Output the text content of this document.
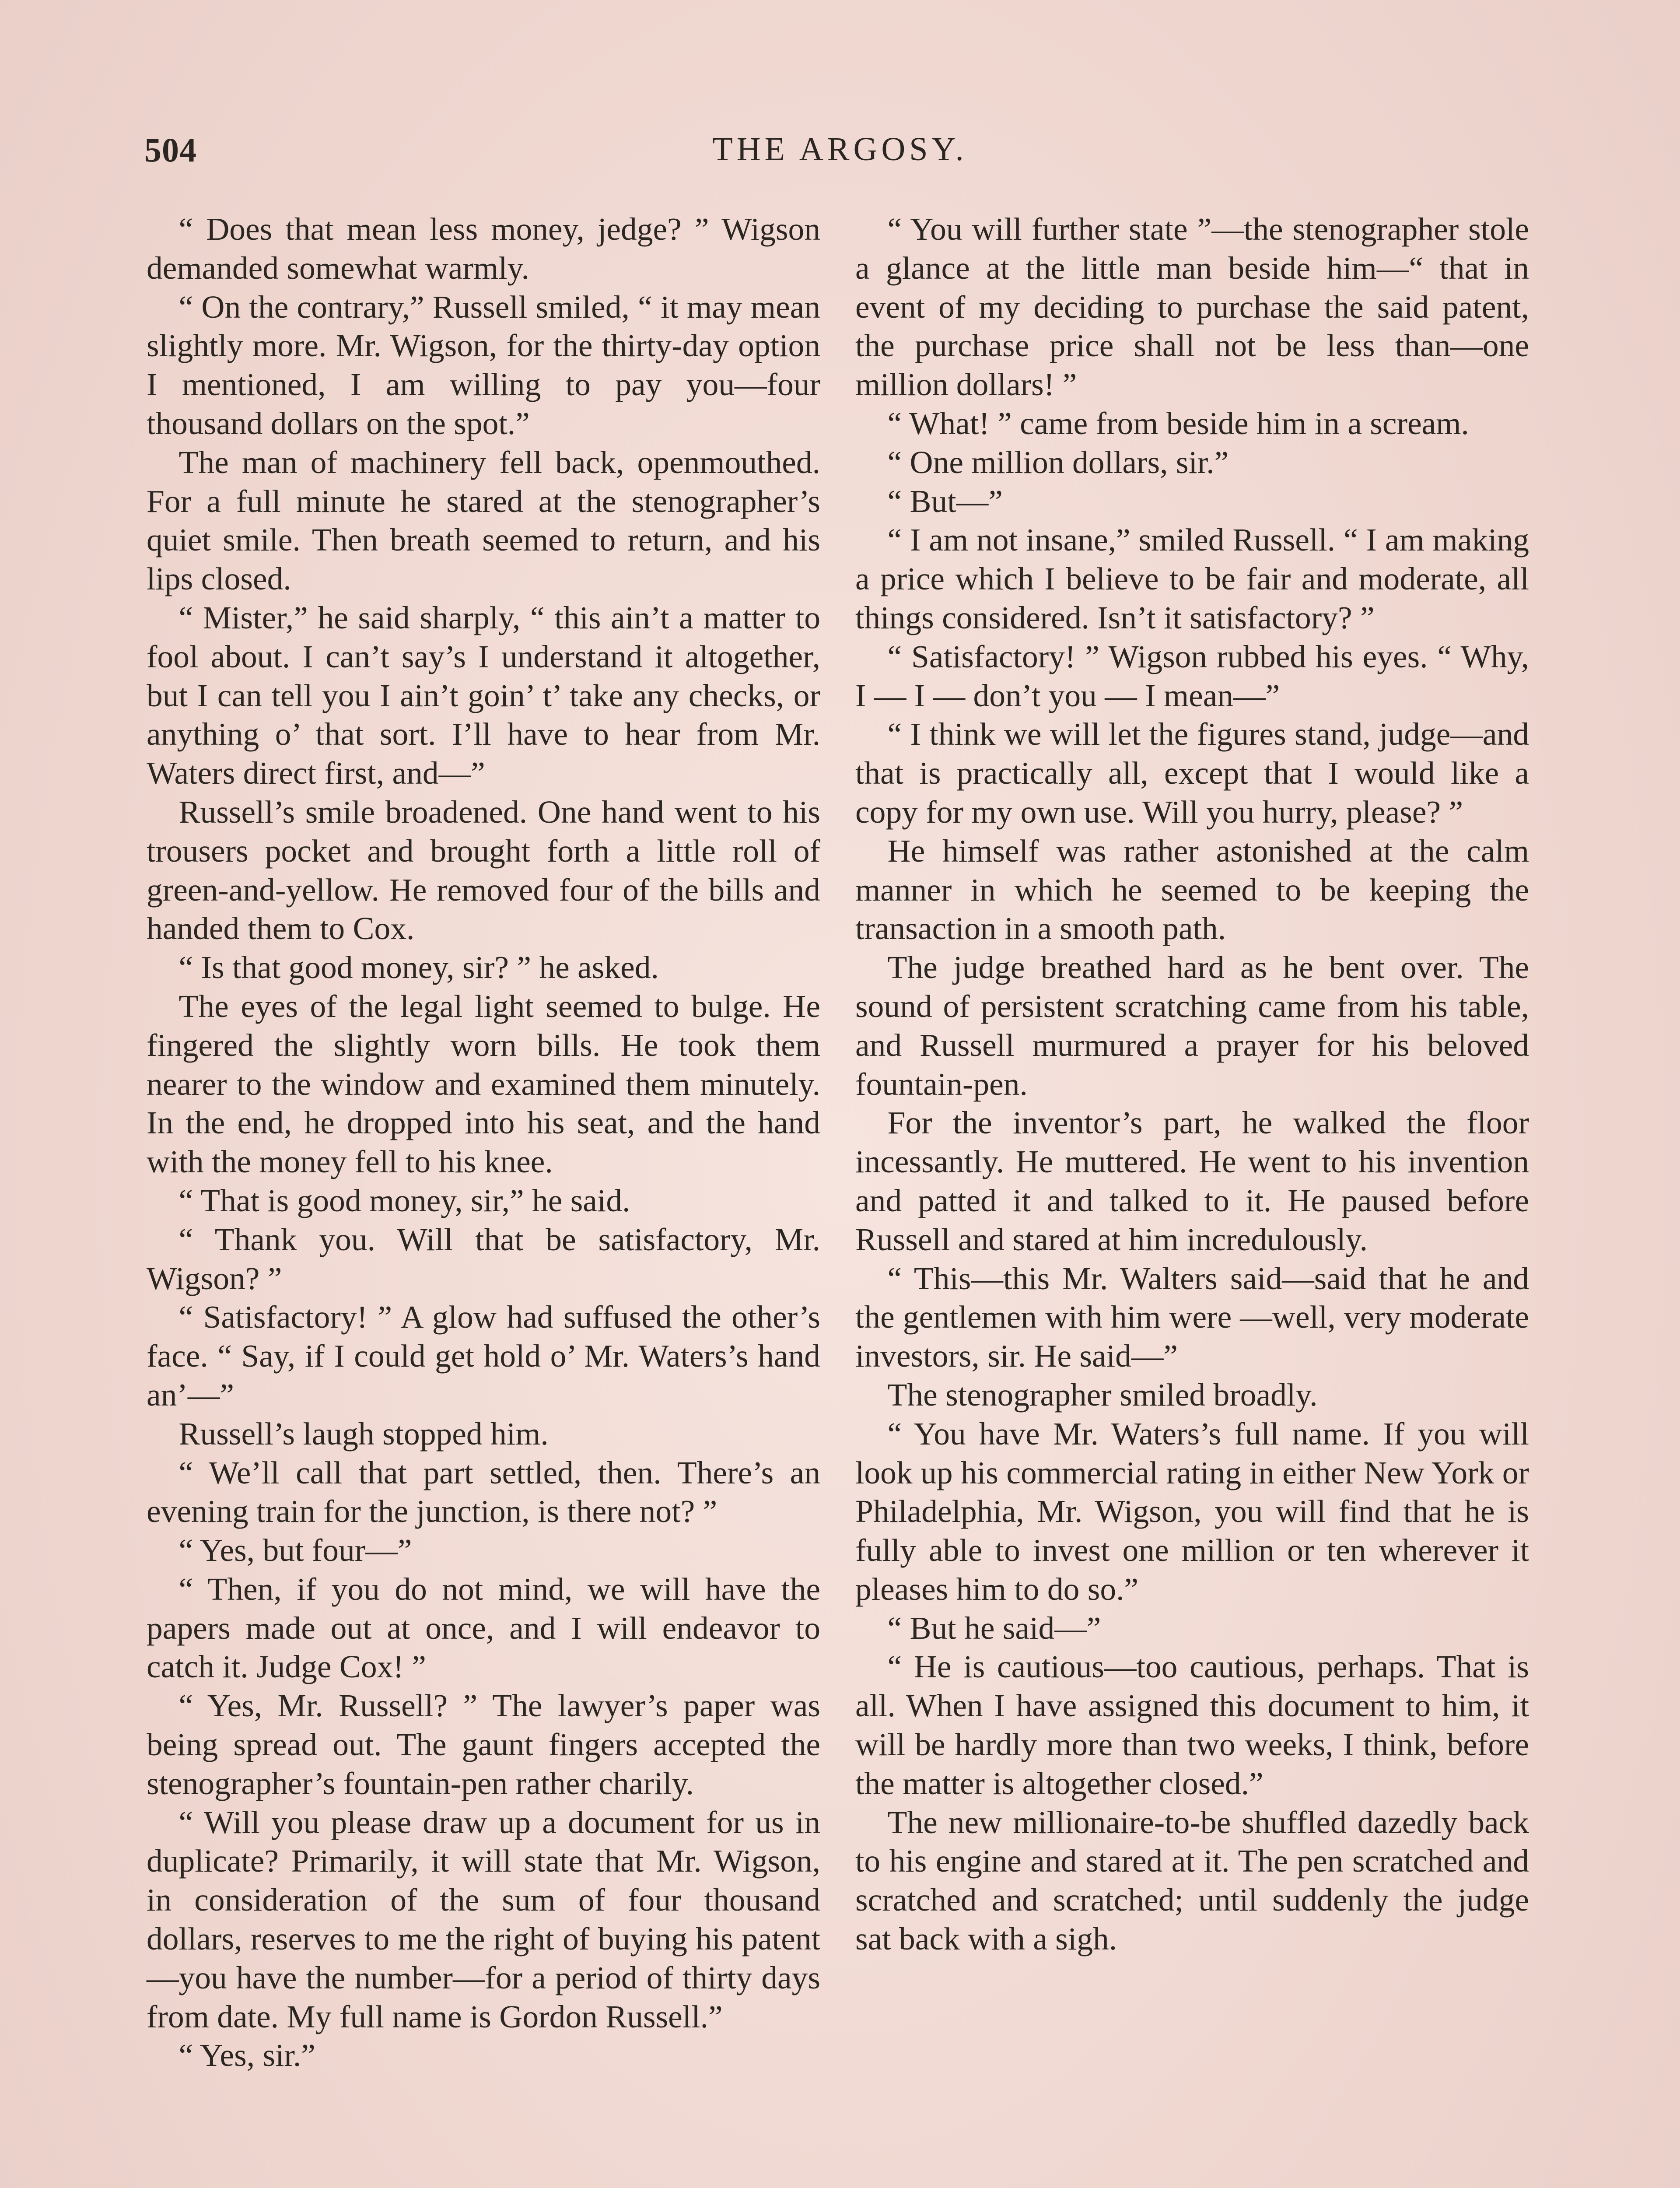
504	THE ARGOSY.

“ Does that mean less money, jedge? ” Wigson demanded somewhat warmly.

“ On the contrary,” Russell smiled, “ it may mean slightly more. Mr. Wigson, for the thirty-day option I mentioned, I am willing to pay you—four thousand dollars on the spot.”

The man of machinery fell back, openmouthed. For a full minute he stared at the stenographer’s quiet smile. Then breath seemed to return, and his lips closed.

“ Mister,” he said sharply, “ this ain’t a matter to fool about. I can’t say’s I understand it altogether, but I can tell you I ain’t goin’ t’ take any checks, or anything o’ that sort. I’ll have to hear from Mr. Waters direct first, and—”

Russell’s smile broadened. One hand went to his trousers pocket and brought forth a little roll of green-and-yellow. He removed four of the bills and handed them to Cox.

“ Is that good money, sir? ” he asked.

The eyes of the legal light seemed to bulge. He fingered the slightly worn bills. He took them nearer to the window and examined them minutely. In the end, he dropped into his seat, and the hand with the money fell to his knee.

“ That is good money, sir,” he said.

“ Thank you. Will that be satisfactory, Mr. Wigson? ”

“ Satisfactory! ” A glow had suffused the other’s face. “ Say, if I could get hold o’ Mr. Waters’s hand an’—”

Russell’s laugh stopped him.

“ We’ll call that part settled, then. There’s an evening train for the junction, is there not? ”

“ Yes, but four—”

“ Then, if you do not mind, we will have the papers made out at once, and I will endeavor to catch it. Judge Cox! ”

“ Yes, Mr. Russell? ” The lawyer’s paper was being spread out. The gaunt fingers accepted the stenographer’s fountain-pen rather charily.

“ Will you please draw up a document for us in duplicate? Primarily, it will state that Mr. Wigson, in consideration of the sum of four thousand dollars, reserves to me the right of buying his patent —you have the number—for a period of thirty days from date. My full name is Gordon Russell.”

“ Yes, sir.”

“ You will further state ”—the stenographer stole a glance at the little man beside him—“ that in event of my deciding to purchase the said patent, the purchase price shall not be less than—one million dollars! ”

“ What! ” came from beside him in a scream.

“ One million dollars, sir.”

“ But—”

“ I am not insane,” smiled Russell. “ I am making a price which I believe to be fair and moderate, all things considered. Isn’t it satisfactory? ”

“ Satisfactory! ” Wigson rubbed his eyes. “ Why, I — I — don’t you — I mean—”

“ I think we will let the figures stand, judge—and that is practically all, except that I would like a copy for my own use. Will you hurry, please? ”

He himself was rather astonished at the calm manner in which he seemed to be keeping the transaction in a smooth path.

The judge breathed hard as he bent over. The sound of persistent scratching came from his table, and Russell murmured a prayer for his beloved fountain-pen.

For the inventor’s part, he walked the floor incessantly. He muttered. He went to his invention and patted it and talked to it. He paused before Russell and stared at him incredulously.

“ This—this Mr. Walters said—said that he and the gentlemen with him were —well, very moderate investors, sir. He said—”

The stenographer smiled broadly.

“ You have Mr. Waters’s full name. If you will look up his commercial rating in either New York or Philadelphia, Mr. Wigson, you will find that he is fully able to invest one million or ten wherever it pleases him to do so.”

“ But he said—”

“ He is cautious—too cautious, perhaps. That is all. When I have assigned this document to him, it will be hardly more than two weeks, I think, before the matter is altogether closed.”

The new millionaire-to-be shuffled dazedly back to his engine and stared at it. The pen scratched and scratched and scratched; until suddenly the judge sat back with a sigh.
